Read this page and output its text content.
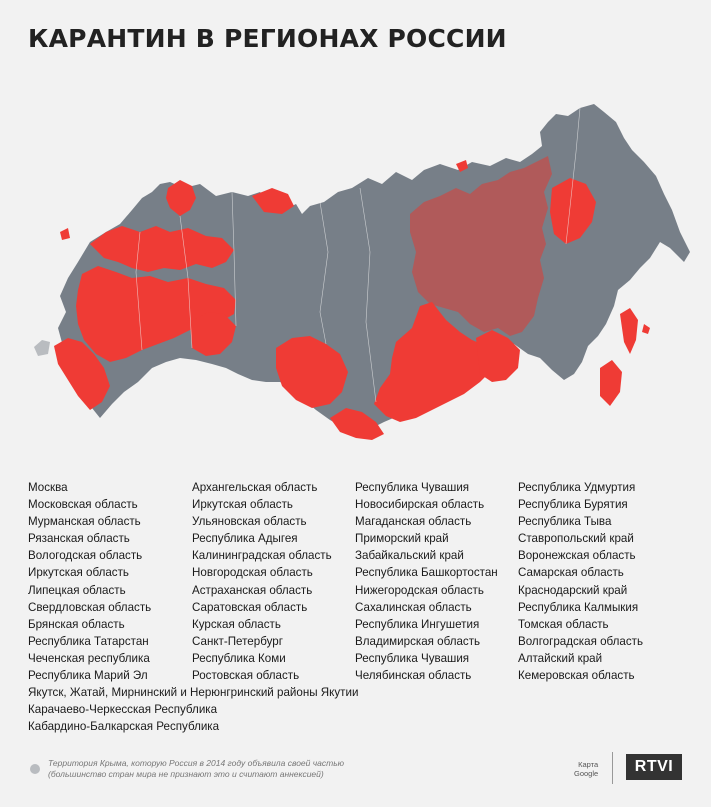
КАРАНТИН В РЕГИОНАХ РОССИИ
Москва
Московская область
Мурманская область
Рязанская область
Вологодская область
Иркутская область
Липецкая область
Свердловская область
Брянская область
Республика Татарстан
Чеченская республика
Республика Марий Эл
Архангельская область
Иркутская область
Ульяновская область
Республика Адыгея
Калининградская область
Новгородская область
Астраханская область
Саратовская область
Курская область
Санкт-Петербург
Республика Коми
Ростовская область
Республика Чувашия
Новосибирская область
Магаданская область
Приморский край
Забайкальский край
Республика Башкортостан
Нижегородская область
Сахалинская область
Республика Ингушетия
Владимирская область
Республика Чувашия
Челябинская область
Республика Удмуртия
Республика Бурятия
Республика Тыва
Ставропольский край
Воронежская область
Самарская область
Краснодарский край
Республика Калмыкия
Томская область
Волгоградская область
Алтайский край
Кемеровская область
Якутск, Жатай, Мирнинский и Нерюнгринский районы Якутии
Карачаево-Черкесская Республика
Кабардино-Балкарская Республика
Территория Крыма, которую Россия в 2014 году объявила своей частью
(большинство стран мира не признают это и считают аннексией)
Карта
Google	RTVI
